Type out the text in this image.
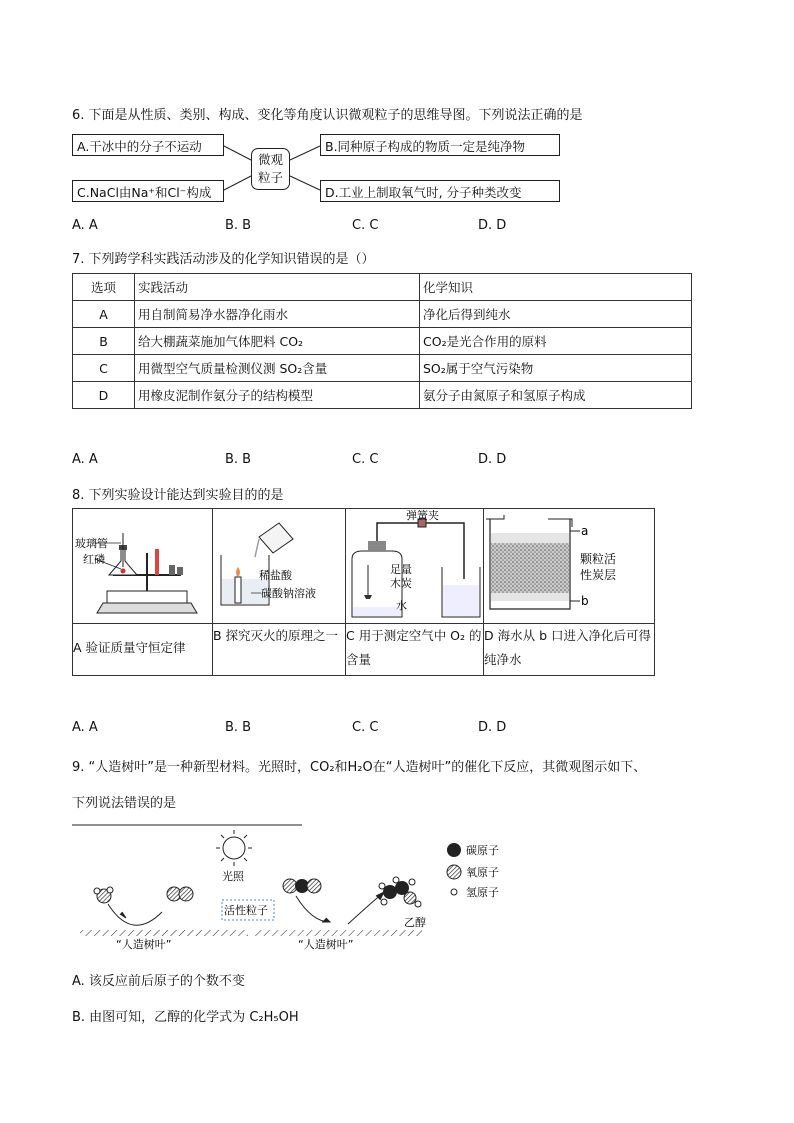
6. 下面是从性质、类别、构成、变化等角度认识微观粒子的思维导图。下列说法正确的是
A.干冰中的分子不运动	B.同种原子构成的物质一定是纯净物
C.NaCl由Na⁺和Cl⁻构成	D.工业上制取氧气时, 分子种类改变
微观
粒子
A. A	B. B	C. C	D. D
7. 下列跨学科实践活动涉及的化学知识错误的是（）
选项	实践活动	化学知识
A	用自制简易净水器净化雨水	净化后得到纯水
B	给大棚蔬菜施加气体肥料 CO₂	CO₂是光合作用的原料
C	用微型空气质量检测仪测 SO₂含量	SO₂属于空气污染物
D	用橡皮泥制作氨分子的结构模型	氨分子由氮原子和氢原子构成
A. A	B. B	C. C	D. D
8. 下列实验设计能达到实验目的的是
玻璃管
红磷	稀盐酸
碳酸钠溶液	弹簧夹
足量
木炭
水	a
颗粒活
性炭层
b

A 验证质量守恒定律	B 探究灭火的原理之一	C 用于测定空气中 O₂ 的含量	D 海水从 b 口进入净化后可得纯净水
A. A	B. B	C. C	D. D
9. “人造树叶”是一种新型材料。光照时，CO₂和H₂O在“人造树叶”的催化下反应，其微观图示如下、
下列说法错误的是
光照
“人造树叶”	“人造树叶”
活性粒子
乙醇
碳原子
氧原子
氢原子
A. 该反应前后原子的个数不变
B. 由图可知，乙醇的化学式为 C₂H₅OH
